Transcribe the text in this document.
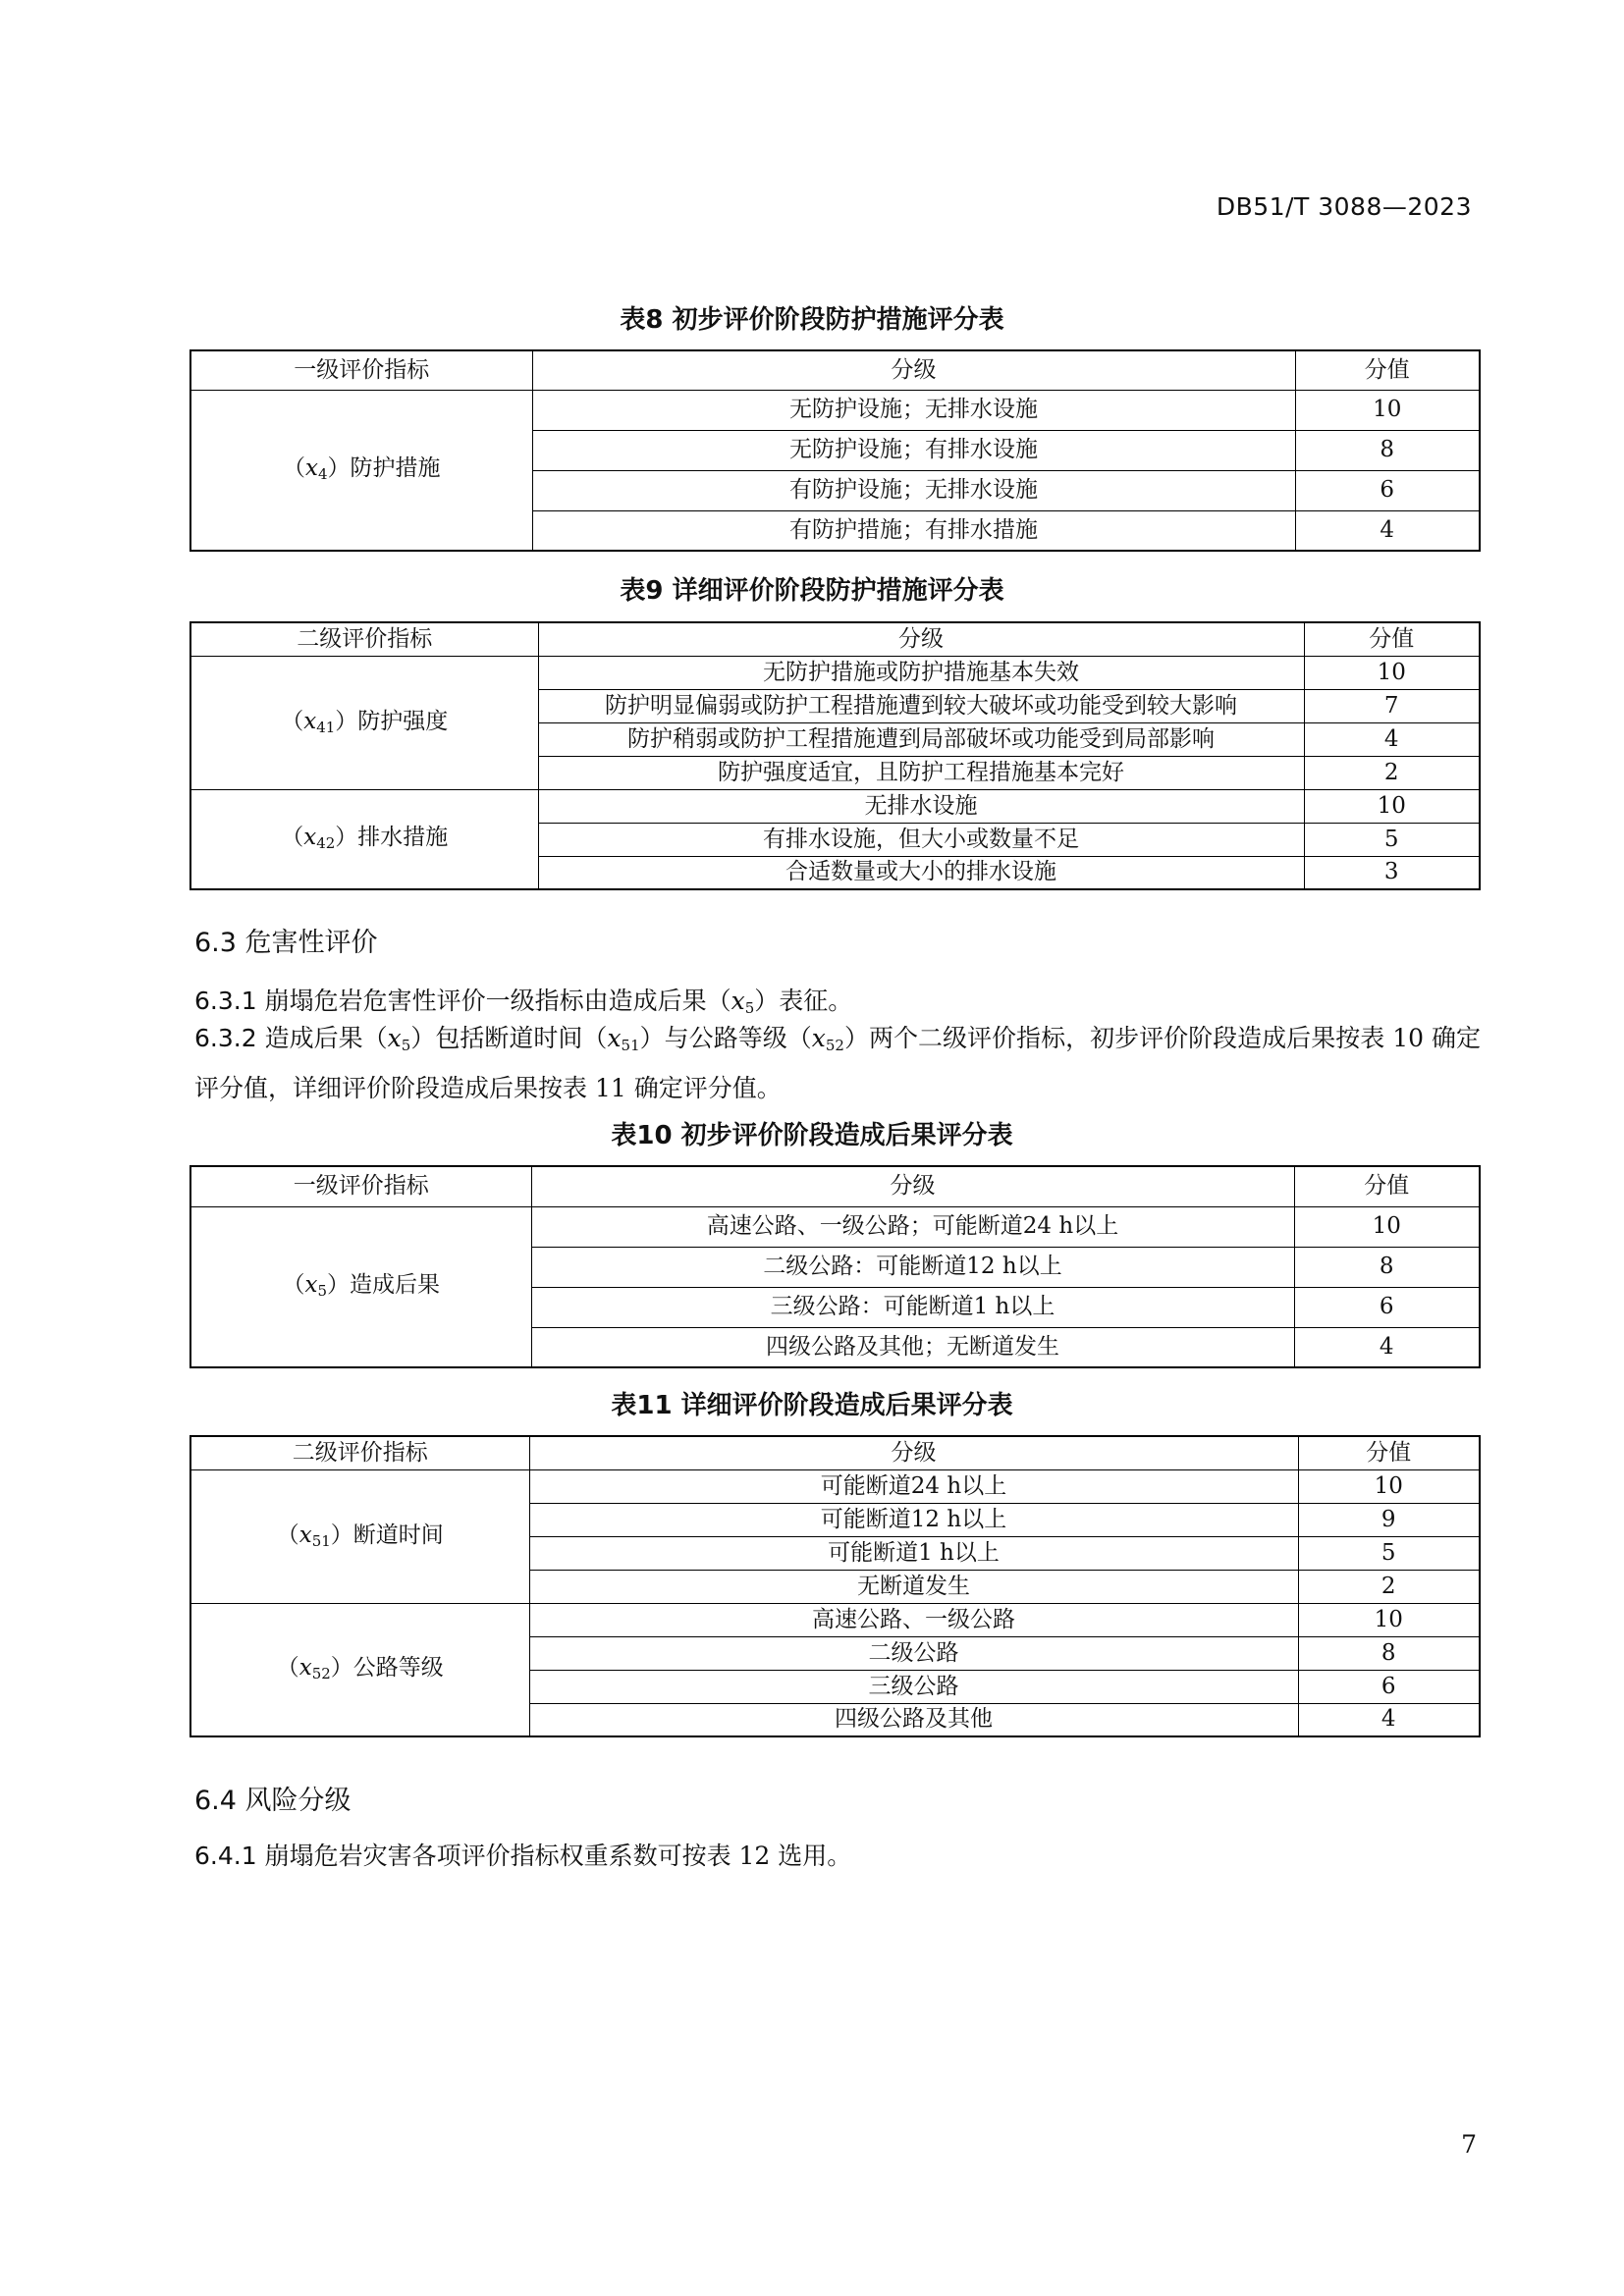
DB51/T 3088—2023
表8 初步评价阶段防护措施评分表
一级评价指标	分级	分值
$(x_4)$防护措施	无防护设施；无排水设施	10
	无防护设施；有排水设施	8
	有防护设施；无排水设施	6
	有防护措施；有排水措施	4
表9 详细评价阶段防护措施评分表
二级评价指标	分级	分值
$(x_{41})$防护强度	无防护措施或防护措施基本失效	10
	防护明显偏弱或防护工程措施遭到较大破坏或功能受到较大影响	7
	防护稍弱或防护工程措施遭到局部破坏或功能受到局部影响	4
	防护强度适宜，且防护工程措施基本完好	2
$(x_{42})$排水措施	无排水设施	10
	有排水设施，但大小或数量不足	5
	合适数量或大小的排水设施	3
6.3 危害性评价
6.3.1 崩塌危岩危害性评价一级指标由造成后果$(x_5)$表征。
6.3.2 造成后果$(x_5)$包括断道时间$(x_{51})$与公路等级$(x_{52})$两个二级评价指标，初步评价阶段造成后果按表 10 确定评分值，详细评价阶段造成后果按表 11 确定评分值。
表10 初步评价阶段造成后果评分表
一级评价指标	分级	分值
$(x_5)$造成后果	高速公路、一级公路；可能断道24 h以上	10
	二级公路：可能断道12 h以上	8
	三级公路：可能断道1 h以上	6
	四级公路及其他；无断道发生	4
表11 详细评价阶段造成后果评分表
二级评价指标	分级	分值
$(x_{51})$断道时间	可能断道24 h以上	10
	可能断道12 h以上	9
	可能断道1 h以上	5
	无断道发生	2
$(x_{52})$公路等级	高速公路、一级公路	10
	二级公路	8
	三级公路	6
	四级公路及其他	4
6.4 风险分级
6.4.1 崩塌危岩灾害各项评价指标权重系数可按表 12 选用。
7
